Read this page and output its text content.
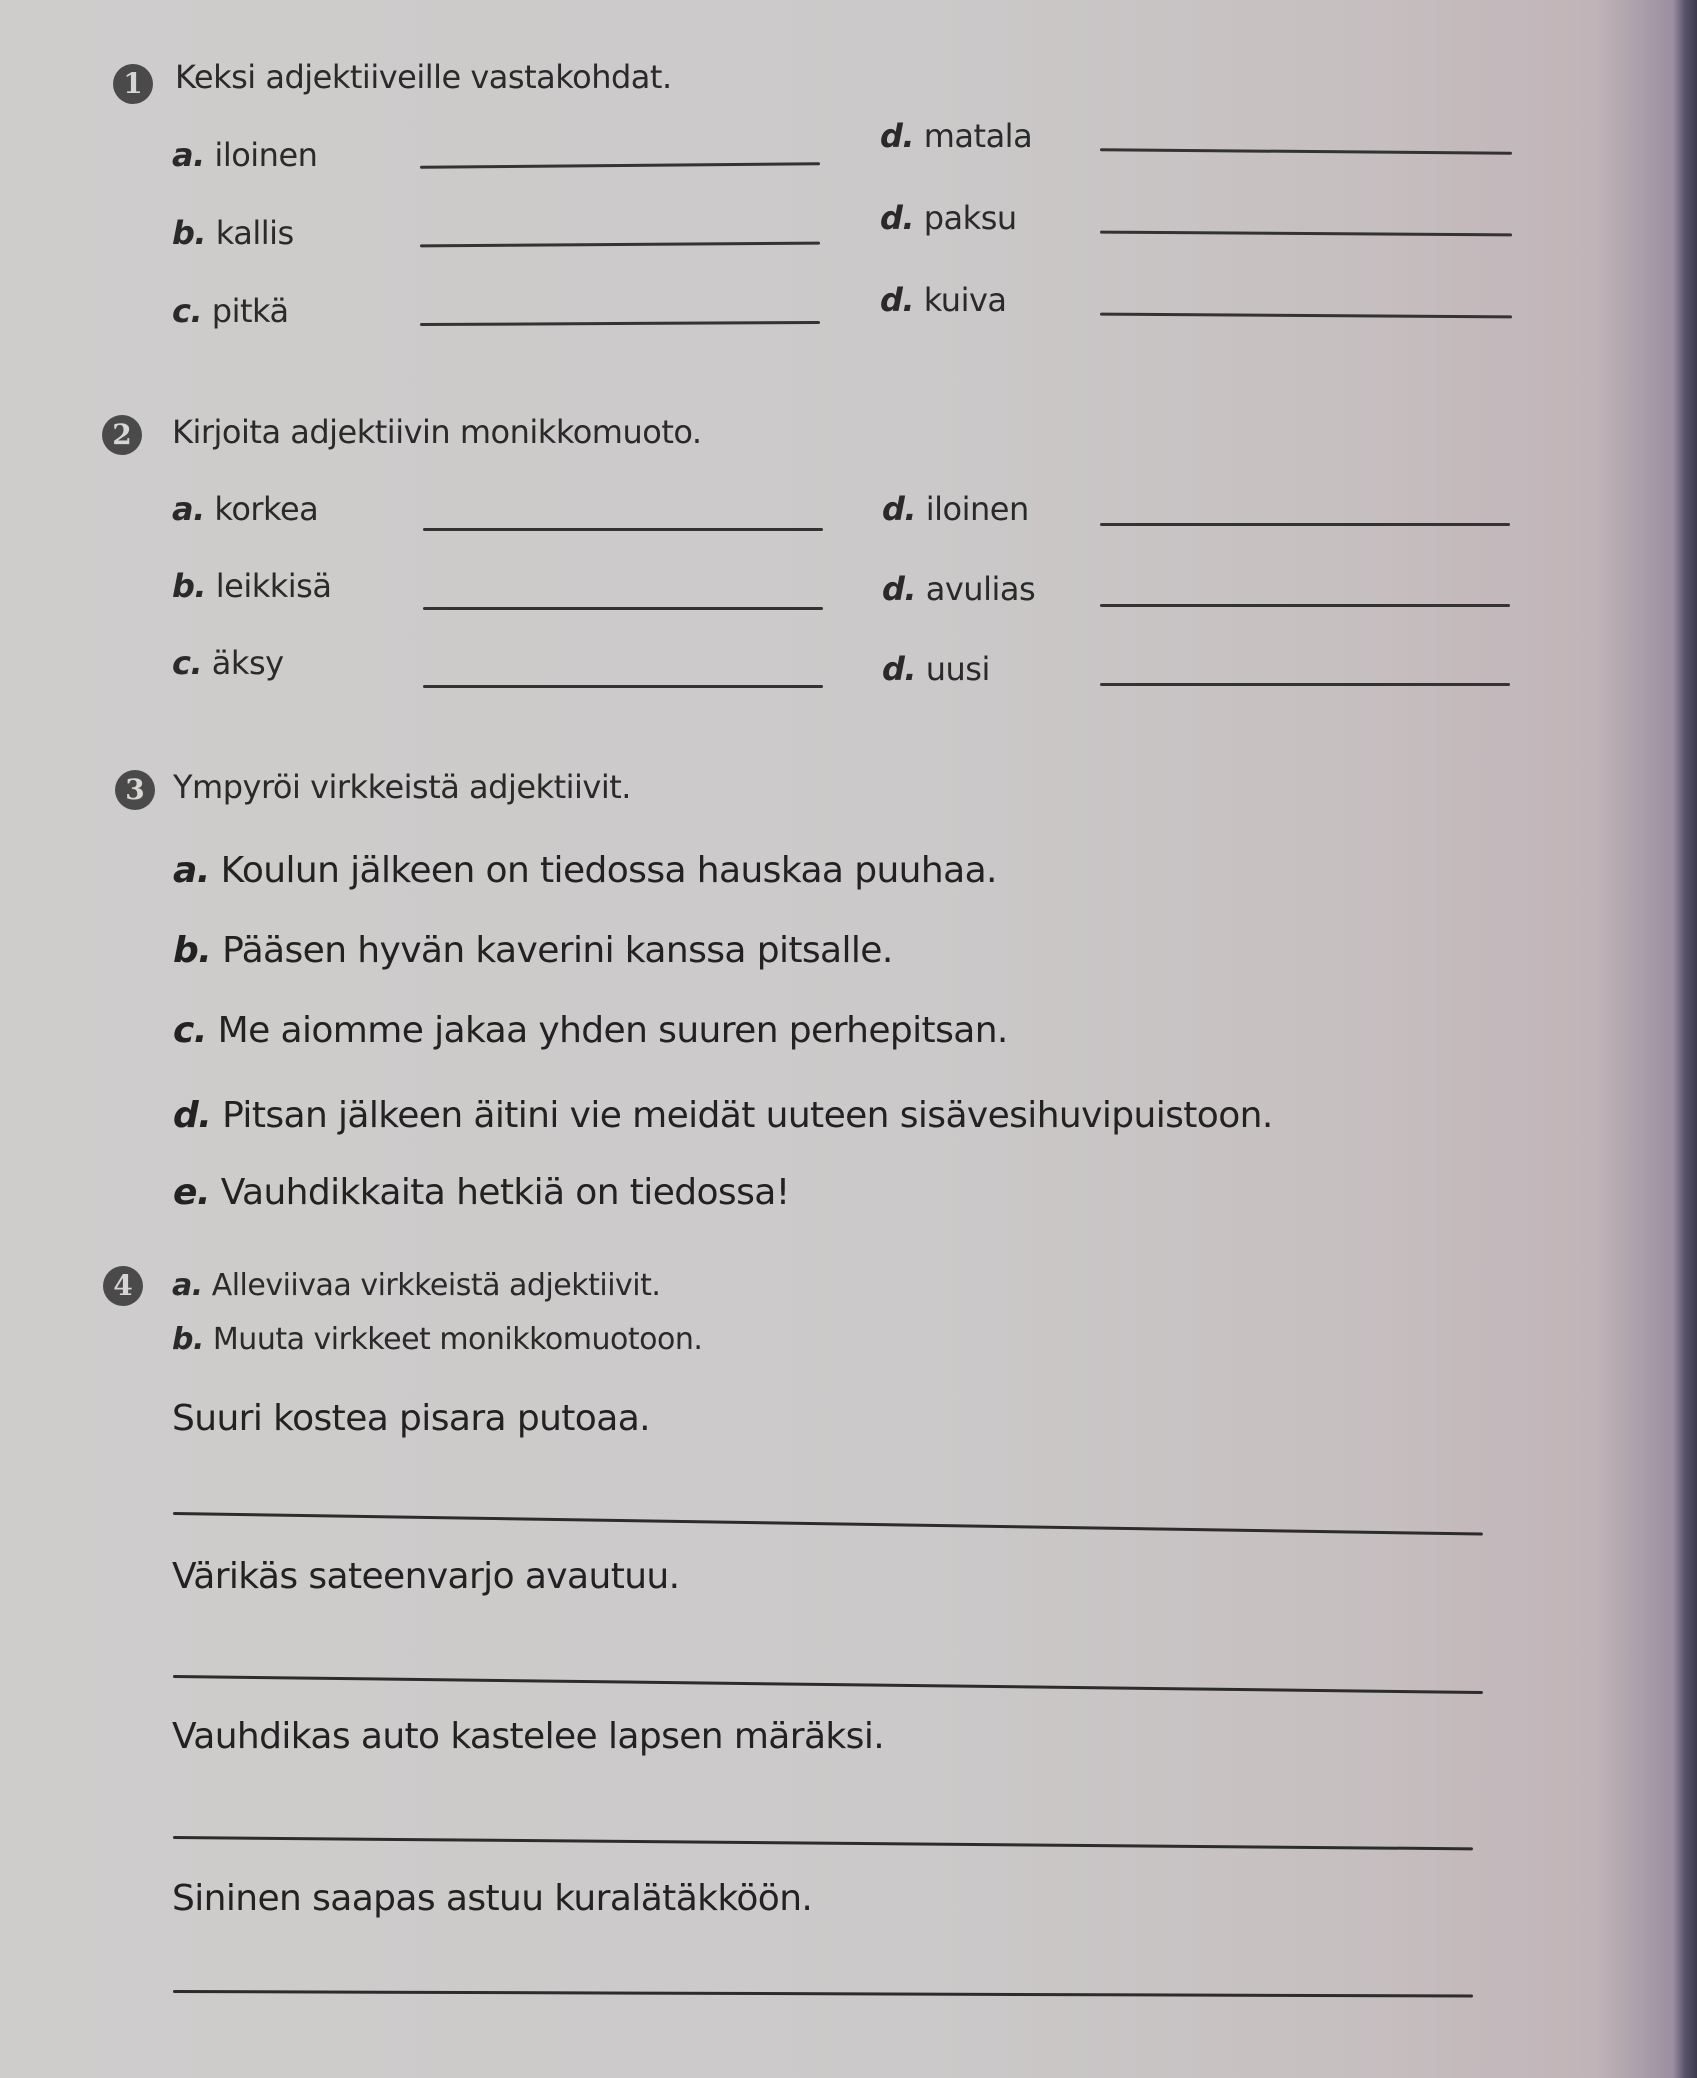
1	Keksi adjektiiveille vastakohdat.
a. iloinen
b. kallis
c. pitkä
d. matala
d. paksu
d. kuiva
2	Kirjoita adjektiivin monikkomuoto.
a. korkea
b. leikkisä
c. äksy
d. iloinen
d. avulias
d. uusi
3 Ympyröi virkkeistä adjektiivit.
a. Koulun jälkeen on tiedossa hauskaa puuhaa.
b. Pääsen hyvän kaverini kanssa pitsalle.
c. Me aiomme jakaa yhden suuren perhepitsan.
d. Pitsan jälkeen äitini vie meidät uuteen sisävesihuvipuistoon.
e. Vauhdikkaita hetkiä on tiedossa!
4	a. Alleviivaa virkkeistä adjektiivit.
b. Muuta virkkeet monikkomuotoon.
Suuri kostea pisara putoaa.
Värikäs sateenvarjo avautuu.
Vauhdikas auto kastelee lapsen märäksi.
Sininen saapas astuu kuralätäkköön.
